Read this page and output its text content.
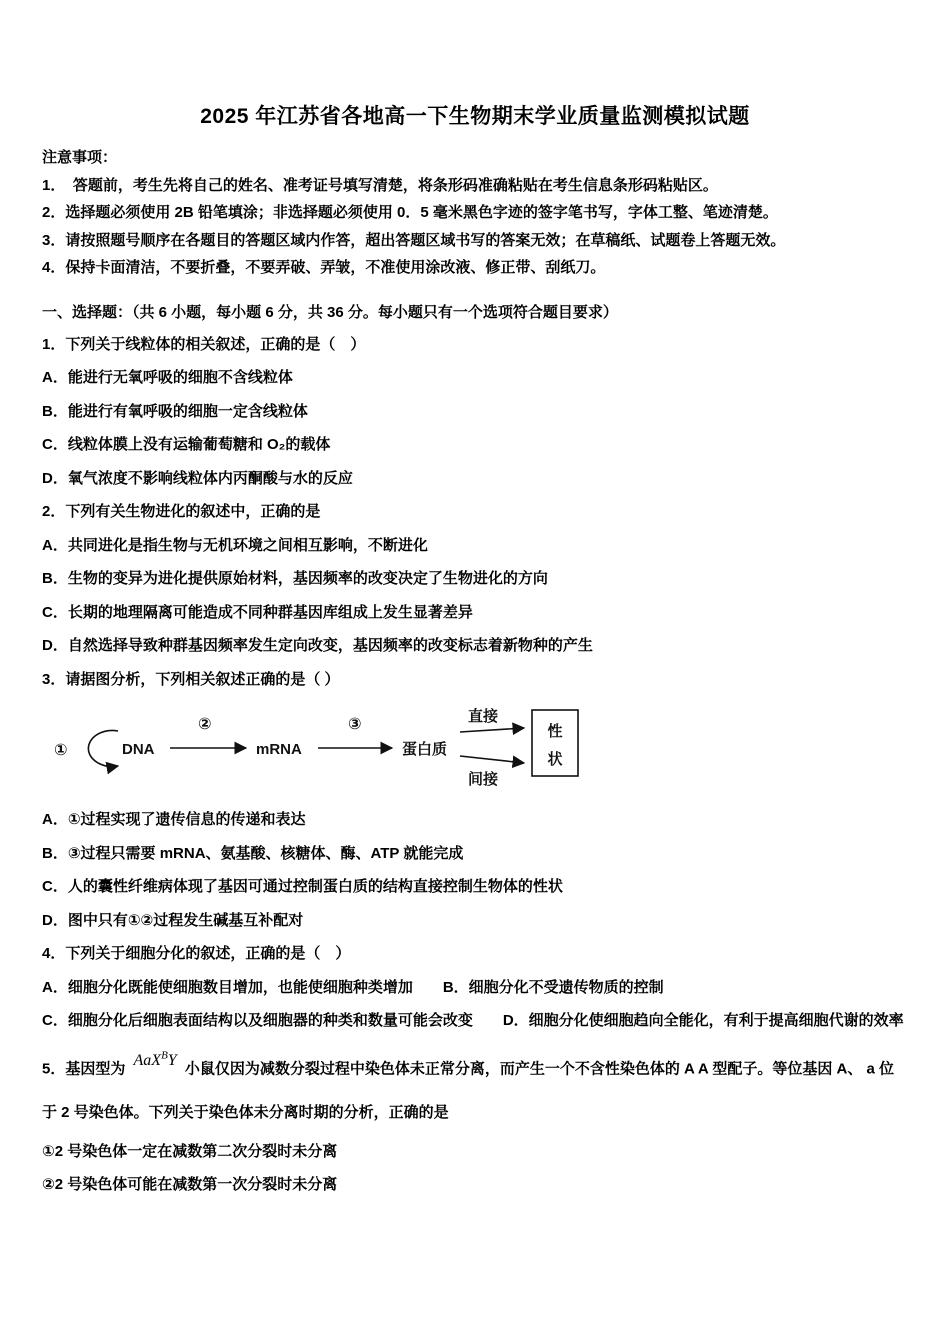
2025 年江苏省各地高一下生物期末学业质量监测模拟试题
注意事项：
1．　答题前，考生先将自己的姓名、准考证号填写清楚，将条形码准确粘贴在考生信息条形码粘贴区。
2．选择题必须使用 2B 铅笔填涂；非选择题必须使用 0．5 毫米黑色字迹的签字笔书写，字体工整、笔迹清楚。
3．请按照题号顺序在各题目的答题区域内作答，超出答题区域书写的答案无效；在草稿纸、试题卷上答题无效。
4．保持卡面清洁，不要折叠，不要弄破、弄皱，不准使用涂改液、修正带、刮纸刀。
一、选择题：（共 6 小题，每小题 6 分，共 36 分。每小题只有一个选项符合题目要求）
1．下列关于线粒体的相关叙述，正确的是（　）
A．能进行无氧呼吸的细胞不含线粒体
B．能进行有氧呼吸的细胞一定含线粒体
C．线粒体膜上没有运输葡萄糖和 O₂的载体
D．氧气浓度不影响线粒体内丙酮酸与水的反应
2．下列有关生物进化的叙述中，正确的是
A．共同进化是指生物与无机环境之间相互影响，不断进化
B．生物的变异为进化提供原始材料，基因频率的改变决定了生物进化的方向
C．长期的地理隔离可能造成不同种群基因库组成上发生显著差异
D．自然选择导致种群基因频率发生定向改变，基因频率的改变标志着新物种的产生
3．请据图分析，下列相关叙述正确的是（ ）
①	DNA
②
mRNA
③
蛋白质
直接
间接
性
状
A．①过程实现了遗传信息的传递和表达
B．③过程只需要 mRNA、氨基酸、核糖体、酶、ATP 就能完成
C．人的囊性纤维病体现了基因可通过控制蛋白质的结构直接控制生物体的性状
D．图中只有①②过程发生碱基互补配对
4．下列关于细胞分化的叙述，正确的是（　）
A．细胞分化既能使细胞数目增加，也能使细胞种类增加　　B．细胞分化不受遗传物质的控制
C．细胞分化后细胞表面结构以及细胞器的种类和数量可能会改变　　D．细胞分化使细胞趋向全能化，有利于提高细胞代谢的效率
5．基因型为 AaX$^B$Y 小鼠仅因为减数分裂过程中染色体未正常分离，而产生一个不含性染色体的 A A 型配子。等位基因 A、 a 位于 2 号染色体。下列关于染色体未分离时期的分析，正确的是
①2 号染色体一定在减数第二次分裂时未分离
②2 号染色体可能在减数第一次分裂时未分离
